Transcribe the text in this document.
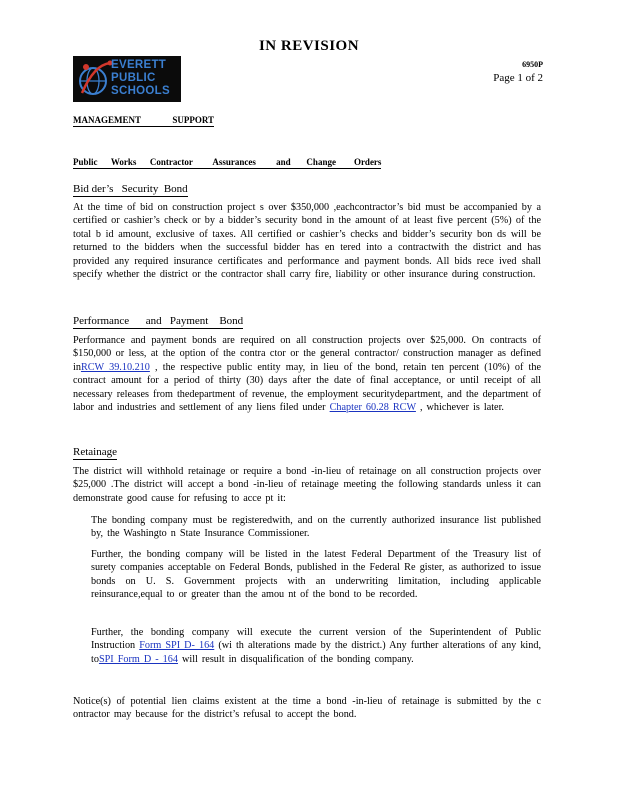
IN REVISION
EVERETT
PUBLIC
SCHOOLS
6950P
Page 1 of 2
MANAGEMENT              SUPPORT
Public      Works      Contractor         Assurances         and       Change        Orders
Bid der’s   Security  Bond
At the time of bid on construction project s over $350,000 ,eachcontractor’s bid must be accompanied by a certified or cashier’s check or by a bidder’s security bond in the amount of at least five percent (5%) of the total b id amount, exclusive of taxes. All certified or cashier’s checks and bidder’s security bon ds will be returned to the bidders when the successful bidder has en tered into a contractwith the district and has provided any required insurance certificates and performance and payment bonds. All bids rece ived shall specify whether the district or the contractor shall carry fire, liability or other insurance during construction.
Performance      and   Payment    Bond
Performance and payment bonds are required on all construction projects over $25,000. On contracts of $150,000 or less, at the option of the contra ctor or the general contractor/ construction manager as defined inRCW 39.10.210 , the respective public entity may, in lieu of the bond, retain ten percent (10%) of the contract amount for a period of thirty (30) days after the date of final acceptance, or until receipt of all necessary releases from thedepartment of revenue, the employment securitydepartment, and the department of labor and industries and settlement of any liens filed under Chapter 60.28 RCW , whichever is later.
Retainage
The district will withhold retainage or require a bond -in-lieu of retainage on all construction projects over $25,000 .The district will accept a bond -in-lieu of retainage meeting the following standards unless it can demonstrate good cause for refusing to acce pt it:
The bonding company must be registeredwith, and on the currently authorized insurance list published by, the Washingto n State Insurance Commissioner.
Further, the bonding company will be listed in the latest Federal Department of the Treasury list of surety companies acceptable on Federal Bonds, published in the Federal Re gister, as authorized to issue bonds on U. S. Government projects with an underwriting limitation, including applicable reinsurance,equal to or greater than the amou nt of the bond to be recorded.
Further, the bonding company will execute the current version of the Superintendent of Public Instruction Form SPI D- 164 (wi th alterations made by the district.) Any further alterations of any kind, toSPI Form D - 164 will result in disqualification of the bonding company.
Notice(s) of potential lien claims existent at the time a bond -in-lieu of retainage is submitted by the c ontractor may because for the district’s refusal to accept the bond.
